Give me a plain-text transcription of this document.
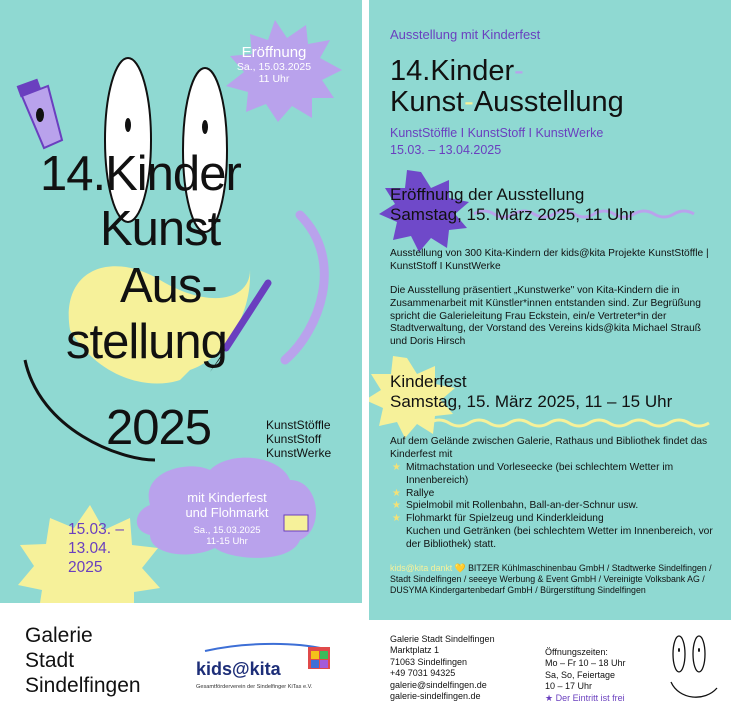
Eröffnung
Sa., 15.03.2025
11 Uhr
14.Kinder
Kunst
Aus-
stellung
2025	KunstStöffle
KunstStoff
KunstWerke
mit Kinderfest
und Flohmarkt
Sa., 15.03.2025
11-15 Uhr
15.03. –
13.04.
2025
Galerie
Stadt
Sindelfingen
kids@kita
Gesamtförderverein der Sindelfinger KiTas e.V.
Ausstellung mit Kinderfest
14.Kinder-
Kunst-Ausstellung
KunstStöffle I KunstStoff I KunstWerke
15.03. – 13.04.2025
Eröffnung der Ausstellung
Samstag, 15. März 2025, 11 Uhr
Ausstellung von 300 Kita-Kindern der kids@kita Projekte KunstStöffle | KunstStoff I KunstWerke
Die Ausstellung präsentiert „Kunstwerke" von Kita-Kindern die in Zusammenarbeit mit Künstler*innen entstanden sind. Zur Begrüßung spricht die Galerieleitung Frau Eckstein, ein/e Vertreter*in der Stadtverwaltung, der Vorstand des Vereins kids@kita Michael Strauß und Doris Hirsch
Kinderfest
Samstag, 15. März 2025, 11 – 15 Uhr
Auf dem Gelände zwischen Galerie, Rathaus und Bibliothek findet das Kinderfest mit
★ Mitmachstation und Vorleseecke (bei schlechtem Wetter im Innenbereich)
★ Rallye
★ Spielmobil mit Rollenbahn, Ball-an-der-Schnur usw.
★ Flohmarkt für Spielzeug und Kinderkleidung
Kuchen und Getränken (bei schlechtem Wetter im Innenbereich, vor der Bibliothek) statt.
kids@kita dankt 💛 BITZER Kühlmaschinenbau GmbH / Stadtwerke Sindelfingen / Stadt Sindelfingen / seeeye Werbung & Event GmbH / Vereinigte Volksbank AG / DUSYMA Kindergartenbedarf GmbH / Bürgerstiftung Sindelfingen
Galerie Stadt Sindelfingen
Marktplatz 1
71063 Sindelfingen
+49 7031 94325
galerie@sindelfingen.de
galerie-sindelfingen.de
Öffnungszeiten:
Mo – Fr 10 – 18 Uhr
Sa, So, Feiertage
10 – 17 Uhr
★ Der Eintritt ist frei
